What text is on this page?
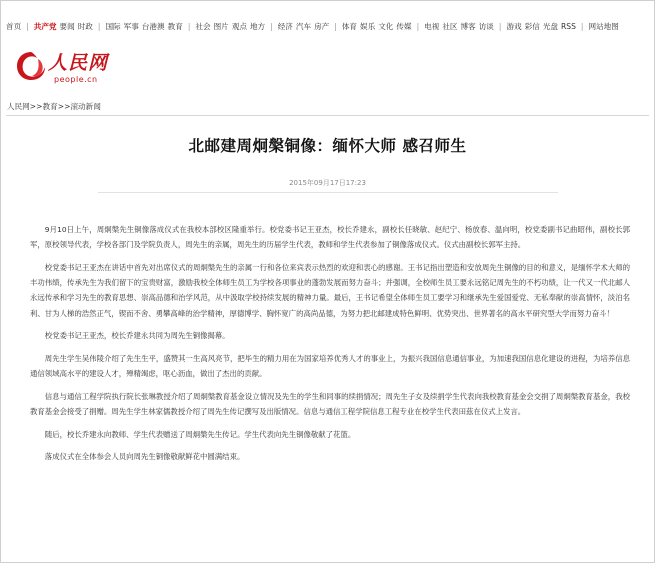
首页 | 共产党 要闻 时政 | 国际 军事 台港澳 教育 | 社会 图片 观点 地方 | 经济 汽车 房产 | 体育 娱乐 文化 传媒 | 电视 社区 博客 访谈 | 游戏 彩信 光盘 RSS | 网站地图
人民网
people.cn
人民网>>教育>>滚动新闻
北邮建周炯槃铜像：缅怀大师 感召师生
2015年09月17日17:23

9月10日上午，周炯槃先生铜像落成仪式在我校本部校区隆重举行。校党委书记王亚杰，校长乔建永，副校长任晓敏、赵纪宁、杨放春、温向明，校党委副书记曲昭伟，副校长郭军，原校领导代表，学校各部门及学院负责人，周先生的亲属，周先生的历届学生代表，教师和学生代表参加了铜像落成仪式。仪式由副校长郭军主持。

校党委书记王亚杰在讲话中首先对出席仪式的周炯槃先生的亲属一行和各位来宾表示热烈的欢迎和衷心的感谢。王书记指出塑造和安放周先生铜像的目的和意义，是缅怀学术大师的丰功伟绩，传承先生为我们留下的宝贵财富，激励我校全体师生员工为学校各项事业的蓬勃发展而努力奋斗；并强调，全校师生员工要永远铭记周先生的不朽功绩，让一代又一代北邮人永远传承和学习先生的教育思想、崇高品德和治学风范，从中汲取学校持续发展的精神力量。最后，王书记希望全体师生员工要学习和继承先生爱国爱党、无私奉献的崇高情怀，淡泊名利、甘为人梯的浩然正气，锲而不舍、勇攀高峰的治学精神，厚德博学、胸怀宽广的高尚品德，为努力把北邮建成特色鲜明、优势突出、世界著名的高水平研究型大学而努力奋斗！

校党委书记王亚杰，校长乔建永共同为周先生铜像揭幕。

周先生学生吴伟陵介绍了先生生平，盛赞其一生高风亮节，把毕生的精力用在为国家培养优秀人才的事业上，为振兴我国信息通信事业，为加速我国信息化建设的进程，为培养信息通信领域高水平的建设人才，殚精竭虑，呕心沥血，做出了杰出的贡献。

信息与通信工程学院执行院长张琳教授介绍了周炯槃教育基金设立情况及先生的学生和同事的续捐情况；周先生子女及续捐学生代表向我校教育基金会交捐了周炯槃教育基金，我校教育基金会接受了捐赠。周先生学生林家儒教授介绍了周先生传记撰写及出版情况。信息与通信工程学院信息工程专业在校学生代表田茲在仪式上发言。

随后，校长乔建永向教师、学生代表赠送了周炯槃先生传记。学生代表向先生铜像敬献了花篮。

落成仪式在全体参会人员向周先生铜像敬献鲜花中圆满结束。
